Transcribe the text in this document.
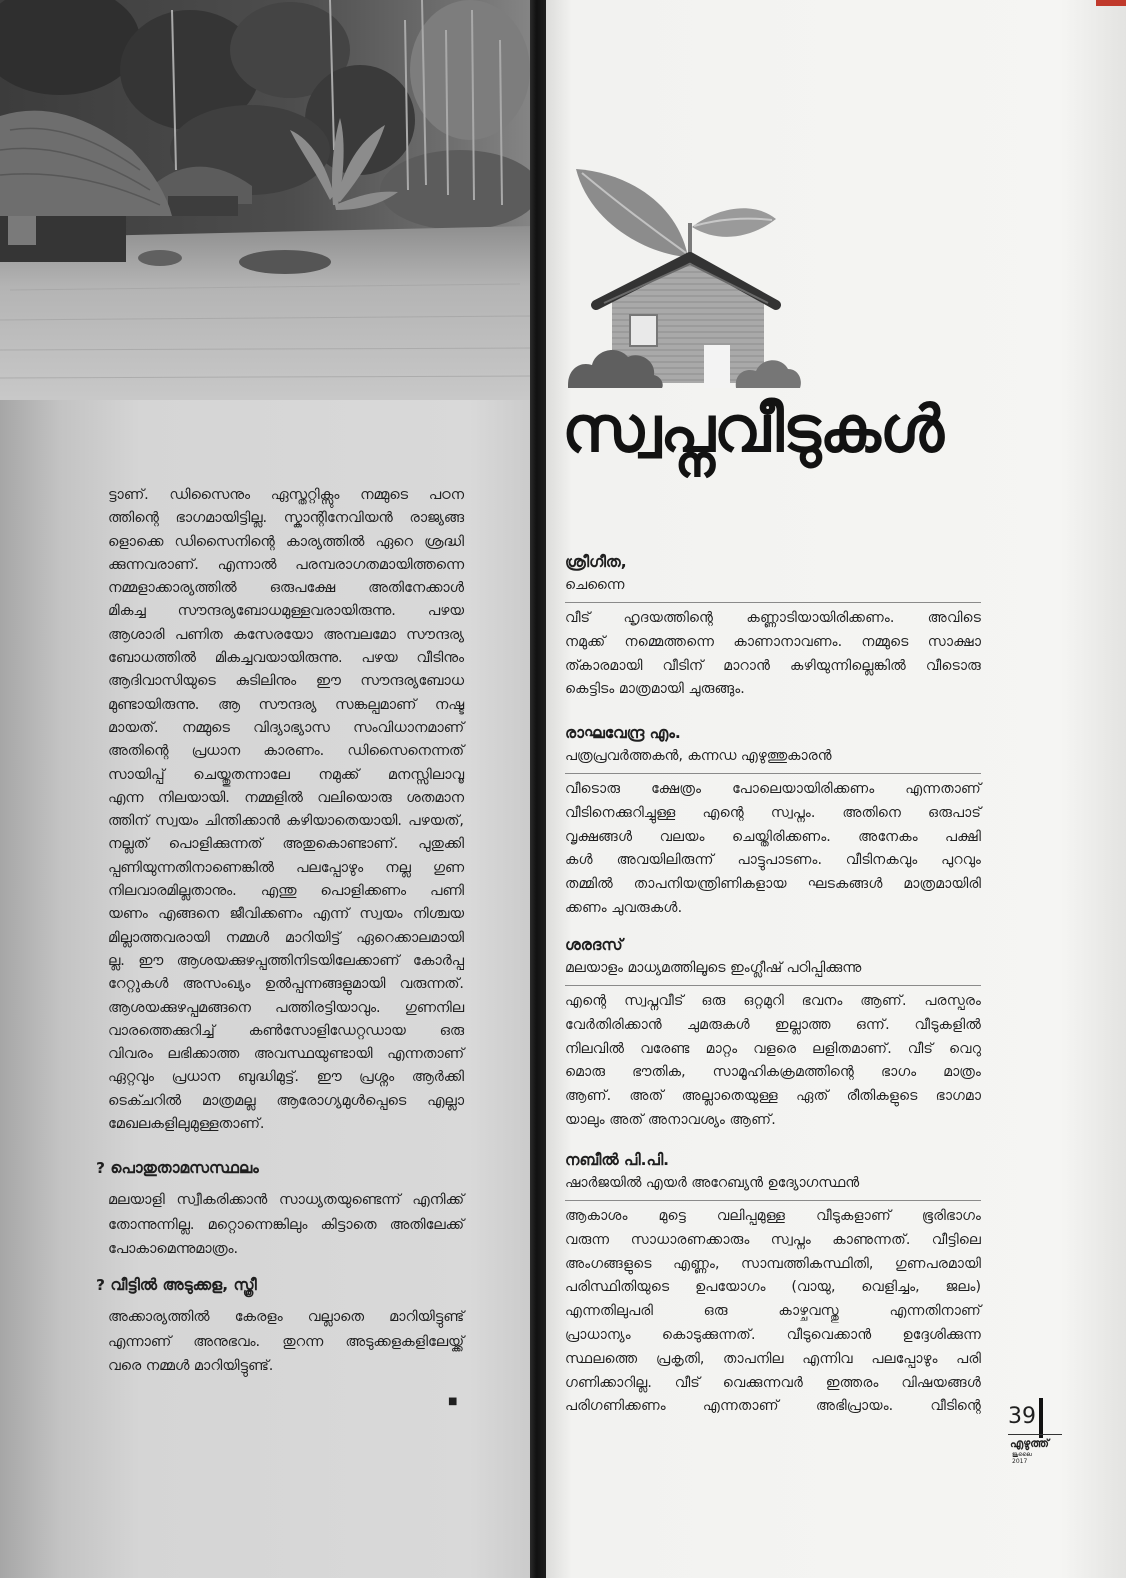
ട്ടാണ്. ഡിസൈനും ഏസ്തറ്റിക്സും നമ്മുടെ പഠന
ത്തിന്റെ ഭാഗമായിട്ടില്ല. സ്കാന്റിനേവിയൻ രാജ്യങ്ങ
ളൊക്കെ ഡിസൈനിന്റെ കാര്യത്തിൽ ഏറെ ശ്രദ്ധി
ക്കുന്നവരാണ്. എന്നാൽ പരമ്പരാഗതമായിത്തന്നെ
നമ്മളാക്കാര്യത്തിൽ ഒരുപക്ഷേ അതിനേക്കാൾ
മികച്ച സൗന്ദര്യബോധമുള്ളവരായിരുന്നു. പഴയ
ആശാരി പണിത കസേരയോ അമ്പലമോ സൗന്ദര്യ
ബോധത്തിൽ മികച്ചവയായിരുന്നു. പഴയ വീടിനും
ആദിവാസിയുടെ കുടിലിനും ഈ സൗന്ദര്യബോധ
മുണ്ടായിരുന്നു. ആ സൗന്ദര്യ സങ്കല്പമാണ് നഷ്ട
മായത്. നമ്മുടെ വിദ്യാഭ്യാസ സംവിധാനമാണ്
അതിന്റെ പ്രധാന കാരണം. ഡിസൈനെന്നത്
സായിപ്പ് ചെയ്തുതന്നാലേ നമുക്ക് മനസ്സിലാവൂ
എന്ന നിലയായി. നമ്മളിൽ വലിയൊരു ശതമാന
ത്തിന് സ്വയം ചിന്തിക്കാൻ കഴിയാതെയായി. പഴയത്,
നല്ലത് പൊളിക്കുന്നത് അതുകൊണ്ടാണ്. പുതുക്കി
പ്പണിയുന്നതിനാണെങ്കിൽ പലപ്പോഴും നല്ല ഗുണ
നിലവാരമില്ലതാനും. എന്തു പൊളിക്കണം പണി
യണം എങ്ങനെ ജീവിക്കണം എന്ന് സ്വയം നിശ്ചയ
മില്ലാത്തവരായി നമ്മൾ മാറിയിട്ട് ഏറെക്കാലമായി
ല്ല. ഈ ആശയക്കുഴപ്പത്തിനിടയിലേക്കാണ് കോർപ്പ
റേറ്റുകൾ അസംഖ്യം ഉൽപ്പന്നങ്ങളുമായി വരുന്നത്.
ആശയക്കുഴപ്പമങ്ങനെ പത്തിരട്ടിയാവും. ഗുണനില
വാരത്തെക്കുറിച്ച് കൺസോളിഡേറ്റഡായ ഒരു
വിവരം ലഭിക്കാത്ത അവസ്ഥയുണ്ടായി എന്നതാണ്
ഏറ്റവും പ്രധാന ബുദ്ധിമുട്ട്. ഈ പ്രശ്നം ആർക്കി
ടെക്ചറിൽ മാത്രമല്ല ആരോഗ്യമുൾപ്പെടെ എല്ലാ
മേഖലകളിലുമുള്ളതാണ്.
? പൊതുതാമസസ്ഥലം
മലയാളി സ്വീകരിക്കാൻ സാധ്യതയുണ്ടെന്ന് എനിക്ക്
തോന്നുന്നില്ല. മറ്റൊന്നെങ്കിലും കിട്ടാതെ അതിലേക്ക്
പോകാമെന്നുമാത്രം.
? വീട്ടിൽ അടുക്കള, സ്ത്രീ
അക്കാര്യത്തിൽ കേരളം വല്ലാതെ മാറിയിട്ടുണ്ട്
എന്നാണ് അനുഭവം. തുറന്ന അടുക്കളകളിലേയ്ക്ക്
വരെ നമ്മൾ മാറിയിട്ടുണ്ട്.
■
സ്വപ്നവീടുകൾ
ശ്രീഗീത,
ചെന്നൈ
വീട് ഹൃദയത്തിന്റെ കണ്ണാടിയായിരിക്കണം. അവിടെ
നമുക്ക് നമ്മെത്തന്നെ കാണാനാവണം. നമ്മുടെ സാക്ഷാ
ത്കാരമായി വീടിന് മാറാൻ കഴിയുന്നില്ലെങ്കിൽ വീടൊരു
കെട്ടിടം മാത്രമായി ചുരുങ്ങും.
രാഘവേന്ദ്ര എം.
പത്രപ്രവർത്തകൻ, കന്നഡ എഴുത്തുകാരൻ
വീടൊരു ക്ഷേത്രം പോലെയായിരിക്കണം എന്നതാണ്
വീടിനെക്കുറിച്ചുള്ള എന്റെ സ്വപ്നം. അതിനെ ഒരുപാട്
വൃക്ഷങ്ങൾ വലയം ചെയ്തിരിക്കണം. അനേകം പക്ഷി
കൾ അവയിലിരുന്ന് പാട്ടുപാടണം. വീടിനകവും പുറവും
തമ്മിൽ താപനിയന്ത്രിണികളായ ഘടകങ്ങൾ മാത്രമായിരി
ക്കണം ചുവരുകൾ.
ശരദസ്
മലയാളം മാധ്യമത്തിലൂടെ ഇംഗ്ലീഷ് പഠിപ്പിക്കുന്നു
എന്റെ സ്വപ്നവീട് ഒരു ഒറ്റമുറി ഭവനം ആണ്. പരസ്പരം
വേർതിരിക്കാൻ ചുമരുകൾ ഇല്ലാത്ത ഒന്ന്. വീടുകളിൽ
നിലവിൽ വരേണ്ട മാറ്റം വളരെ ലളിതമാണ്. വീട് വെറു
മൊരു ഭൗതിക, സാമൂഹികക്രമത്തിന്റെ ഭാഗം മാത്രം
ആണ്. അത് അല്ലാതെയുള്ള ഏത് രീതികളുടെ ഭാഗമാ
യാലും അത് അനാവശ്യം ആണ്.
നബീൽ പി.പി.
ഷാർജയിൽ എയർ അറേബ്യൻ ഉദ്യോഗസ്ഥൻ
ആകാശം മുട്ടെ വലിപ്പമുള്ള വീടുകളാണ് ഭൂരിഭാഗം
വരുന്ന സാധാരണക്കാരും സ്വപ്നം കാണുന്നത്. വീട്ടിലെ
അംഗങ്ങളുടെ എണ്ണം, സാമ്പത്തികസ്ഥിതി, ഗുണപരമായി
പരിസ്ഥിതിയുടെ ഉപയോഗം (വായു, വെളിച്ചം, ജലം)
എന്നതിലുപരി ഒരു കാഴ്ചവസ്തു എന്നതിനാണ്
പ്രാധാന്യം കൊടുക്കുന്നത്. വീടുവെക്കാൻ ഉദ്ദേശിക്കുന്ന
സ്ഥലത്തെ പ്രകൃതി, താപനില എന്നിവ പലപ്പോഴും പരി
ഗണിക്കാറില്ല. വീട് വെക്കുന്നവർ ഇത്തരം വിഷയങ്ങൾ
പരിഗണിക്കണം എന്നതാണ് അഭിപ്രായം. വീടിന്റെ 39
എഴുത്ത്
ജൂലൈ
2017
